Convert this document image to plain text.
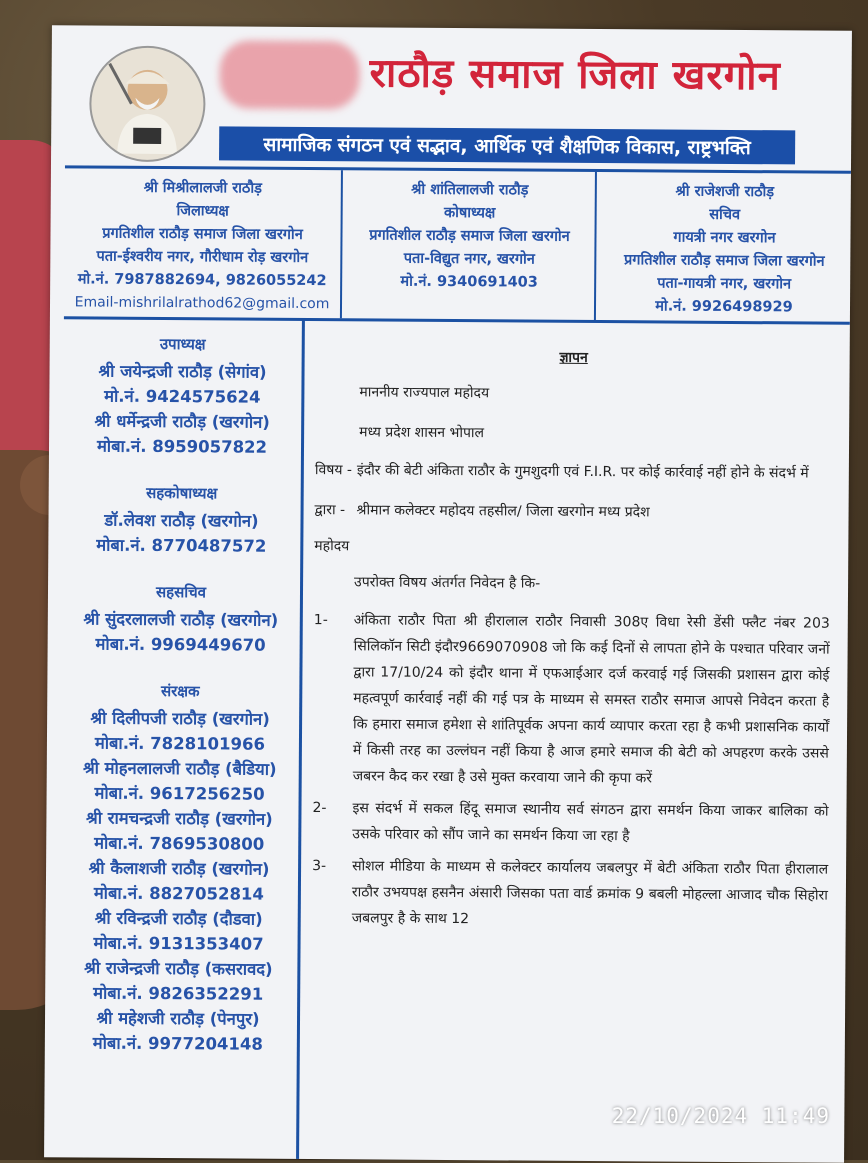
राठौड़ समाज जिला खरगोन
सामाजिक संगठन एवं सद्भाव, आर्थिक एवं शैक्षणिक विकास, राष्ट्रभक्ति
श्री मिश्रीलालजी राठौड़
जिलाध्यक्ष
प्रगतिशील राठौड़ समाज जिला खरगोन
पता-ईश्वरीय नगर, गौरीधाम रोड़ खरगोन
मो.नं. 7987882694, 9826055242
Email-mishrilalrathod62@gmail.com
श्री शांतिलालजी राठौड़
कोषाध्यक्ष
प्रगतिशील राठौड़ समाज जिला खरगोन
पता-विद्युत नगर, खरगोन
मो.नं. 9340691403
श्री राजेशजी राठौड़
सचिव
गायत्री नगर खरगोन
प्रगतिशील राठौड़ समाज जिला खरगोन
पता-गायत्री नगर, खरगोन
मो.नं. 9926498929
उपाध्यक्ष
श्री जयेन्द्रजी राठौड़ (सेगांव)
मो.नं. 9424575624
श्री धर्मेन्द्रजी राठौड़ (खरगोन)
मोबा.नं. 8959057822
सहकोषाध्यक्ष
डॉ.लेवश राठौड़ (खरगोन)
मोबा.नं. 8770487572
सहसचिव
श्री सुंदरलालजी राठौड़ (खरगोन)
मोबा.नं. 9969449670
संरक्षक
श्री दिलीपजी राठौड़ (खरगोन)
मोबा.नं. 7828101966
श्री मोहनलालजी राठौड़ (बैडिया)
मोबा.नं. 9617256250
श्री रामचन्द्रजी राठौड़ (खरगोन)
मोबा.नं. 7869530800
श्री कैलाशजी राठौड़ (खरगोन)
मोबा.नं. 8827052814
श्री रविन्द्रजी राठौड़ (दौडवा)
मोबा.नं. 9131353407
श्री राजेन्द्रजी राठौड़ (कसरावद)
मोबा.नं. 9826352291
श्री महेशजी राठौड़ (पेनपुर)
मोबा.नं. 9977204148
ज्ञापन
माननीय राज्यपाल महोदय
मध्य प्रदेश शासन भोपाल
विषय - इंदौर की बेटी अंकिता राठौर के गुमशुदगी एवं F.I.R. पर कोई कार्रवाई नहीं होने के संदर्भ में
द्वारा - श्रीमान कलेक्टर महोदय तहसील/ जिला खरगोन मध्य प्रदेश
महोदय
उपरोक्त विषय अंतर्गत निवेदन है कि-
1-	अंकिता राठौर पिता श्री हीरालाल राठौर निवासी 308ए विधा रेसी डेंसी फ्लैट नंबर 203 सिलिकॉन सिटी इंदौर9669070908 जो कि कई दिनों से लापता होने के पश्चात परिवार जनों द्वारा 17/10/24 को इंदौर थाना में एफआईआर दर्ज करवाई गई जिसकी प्रशासन द्वारा कोई महत्वपूर्ण कार्रवाई नहीं की गई पत्र के माध्यम से समस्त राठौर समाज आपसे निवेदन करता है कि हमारा समाज हमेशा से शांतिपूर्वक अपना कार्य व्यापार करता रहा है कभी प्रशासनिक कार्यों में किसी तरह का उल्लंघन नहीं किया है आज हमारे समाज की बेटी को अपहरण करके उससे जबरन कैद कर रखा है उसे मुक्त करवाया जाने की कृपा करें
2-	इस संदर्भ में सकल हिंदू समाज स्थानीय सर्व संगठन द्वारा समर्थन किया जाकर बालिका को उसके परिवार को सौंप जाने का समर्थन किया जा रहा है
3-	सोशल मीडिया के माध्यम से कलेक्टर कार्यालय जबलपुर में बेटी अंकिता राठौर पिता हीरालाल राठौर उभयपक्ष हसनैन अंसारी जिसका पता वार्ड क्रमांक 9 बबली मोहल्ला आजाद चौक सिहोरा जबलपुर है के साथ 12
22/10/2024 11:49
